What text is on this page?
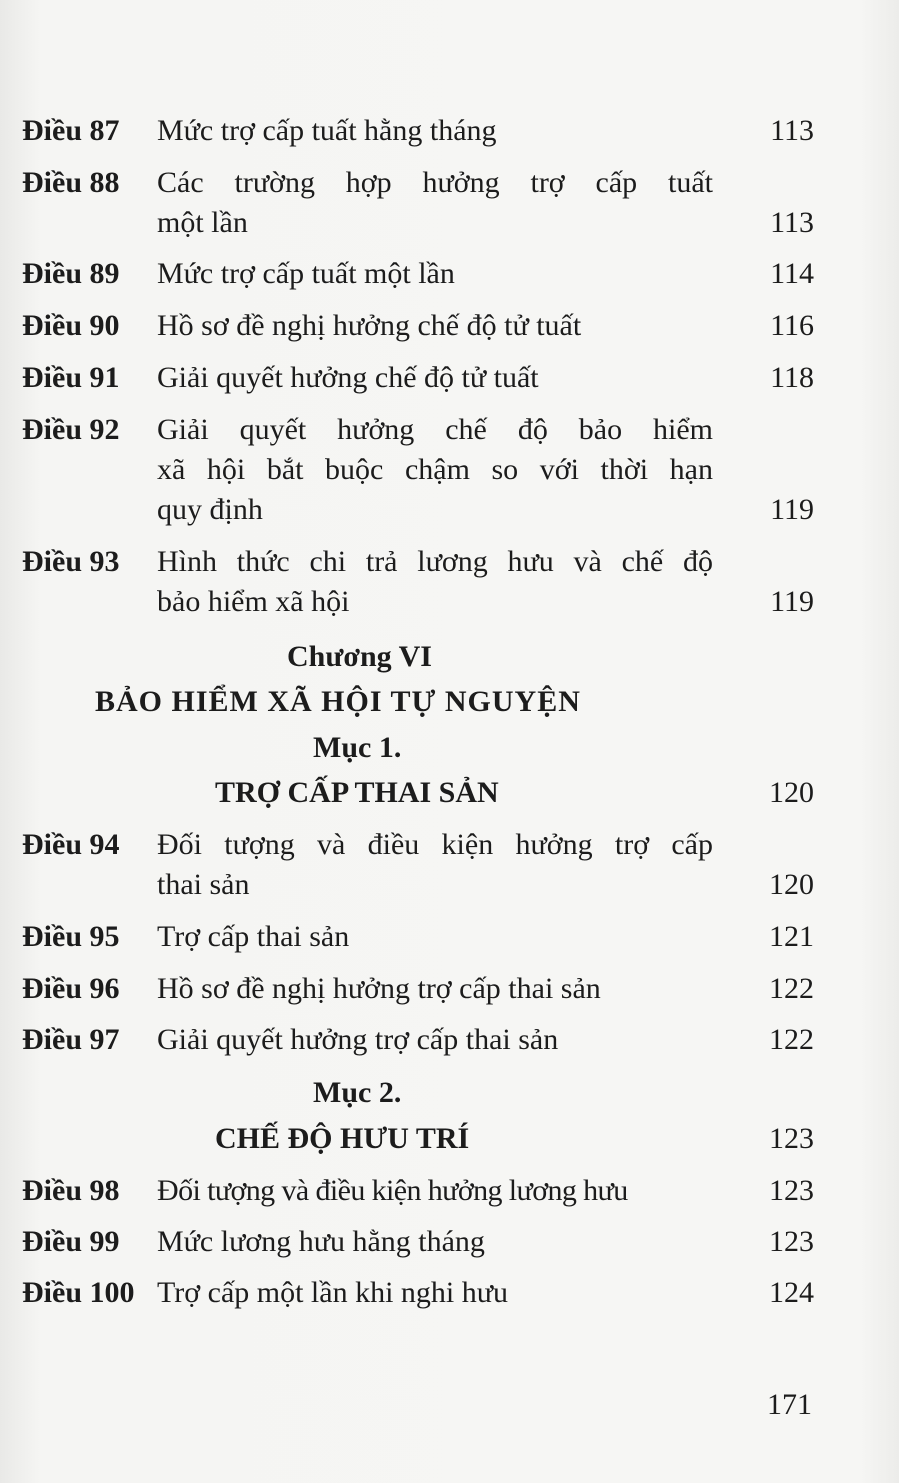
Điều 87 Mức trợ cấp tuất hằng tháng	113
Điều 88 Các trường hợp hưởng trợ cấp tuất
một lần	113
Điều 89 Mức trợ cấp tuất một lần	114
Điều 90 Hồ sơ đề nghị hưởng chế độ tử tuất	116
Điều 91 Giải quyết hưởng chế độ tử tuất	118
Điều 92 Giải quyết hưởng chế độ bảo hiểm
xã hội bắt buộc chậm so với thời hạn
quy định	119
Điều 93 Hình thức chi trả lương hưu và chế độ
bảo hiểm xã hội	119
Chương VI
BẢO HIỂM XÃ HỘI TỰ NGUYỆN
Mục 1.
TRỢ CẤP THAI SẢN	120
Điều 94 Đối tượng và điều kiện hưởng trợ cấp
thai sản	120
Điều 95 Trợ cấp thai sản	121
Điều 96 Hồ sơ đề nghị hưởng trợ cấp thai sản	122
Điều 97 Giải quyết hưởng trợ cấp thai sản	122
Mục 2.
CHẾ ĐỘ HƯU TRÍ	123
Điều 98 Đối tượng và điều kiện hưởng lương hưu	123
Điều 99 Mức lương hưu hằng tháng	123
Điều 100 Trợ cấp một lần khi nghi hưu	124
171
